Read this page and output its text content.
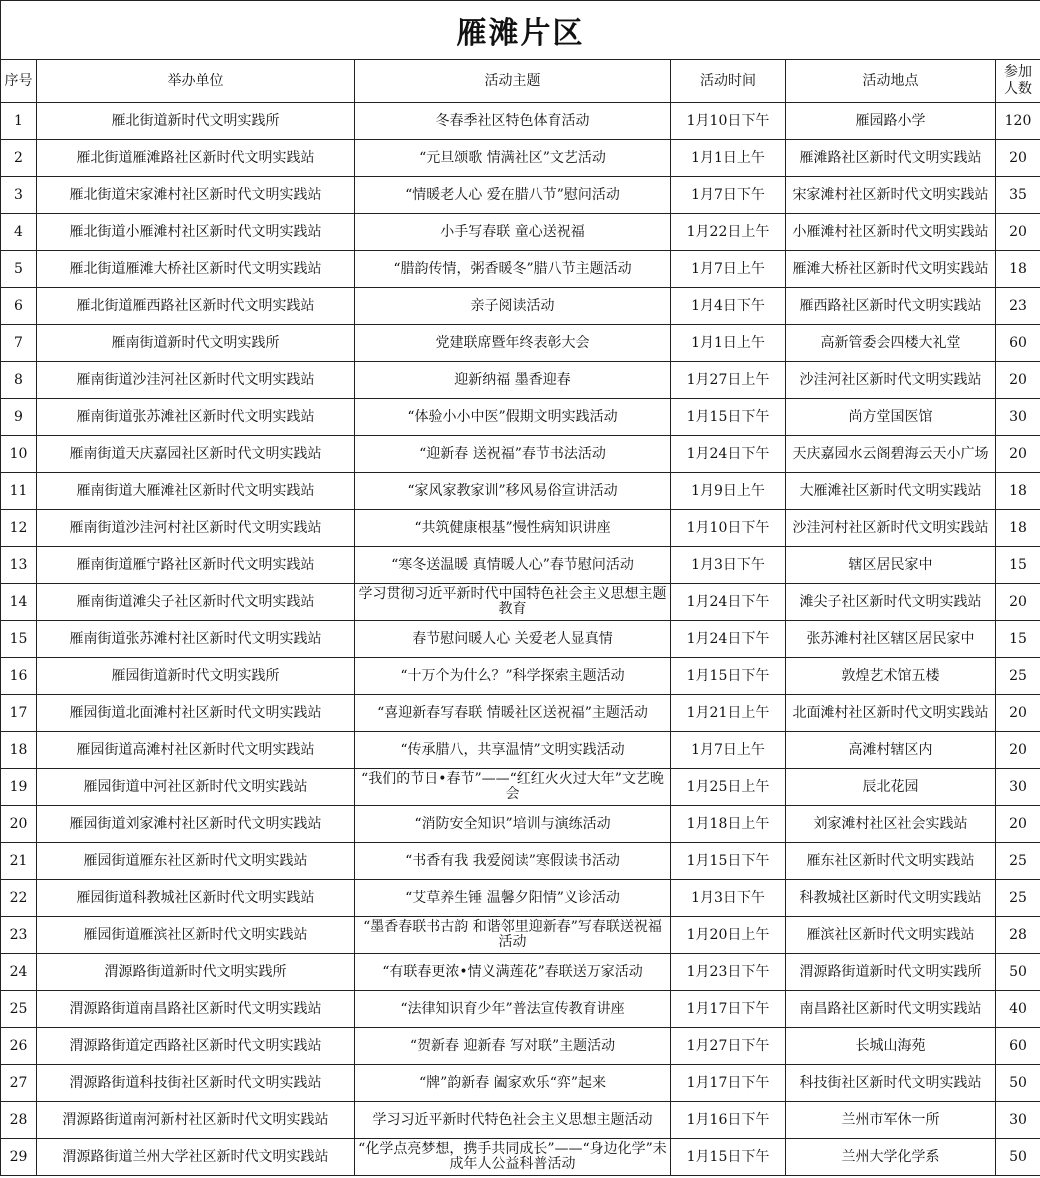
雁滩片区					
序号	举办单位	活动主题	活动时间	活动地点	参加人数
1	雁北街道新时代文明实践所	冬春季社区特色体育活动	1月10日下午	雁园路小学	120
2	雁北街道雁滩路社区新时代文明实践站	“元旦颂歌 情满社区”文艺活动	1月1日上午	雁滩路社区新时代文明实践站	20
3	雁北街道宋家滩村社区新时代文明实践站	“情暖老人心 爱在腊八节”慰问活动	1月7日下午	宋家滩村社区新时代文明实践站	35
4	雁北街道小雁滩村社区新时代文明实践站	小手写春联 童心送祝福	1月22日上午	小雁滩村社区新时代文明实践站	20
5	雁北街道雁滩大桥社区新时代文明实践站	“腊韵传情，粥香暖冬”腊八节主题活动	1月7日上午	雁滩大桥社区新时代文明实践站	18
6	雁北街道雁西路社区新时代文明实践站	亲子阅读活动	1月4日下午	雁西路社区新时代文明实践站	23
7	雁南街道新时代文明实践所	党建联席暨年终表彰大会	1月1日上午	高新管委会四楼大礼堂	60
8	雁南街道沙洼河社区新时代文明实践站	迎新纳福 墨香迎春	1月27日上午	沙洼河社区新时代文明实践站	20
9	雁南街道张苏滩社区新时代文明实践站	“体验小小中医”假期文明实践活动	1月15日下午	尚方堂国医馆	30
10	雁南街道天庆嘉园社区新时代文明实践站	“迎新春 送祝福”春节书法活动	1月24日下午	天庆嘉园水云阁碧海云天小广场	20
11	雁南街道大雁滩社区新时代文明实践站	“家风家教家训”移风易俗宣讲活动	1月9日上午	大雁滩社区新时代文明实践站	18
12	雁南街道沙洼河村社区新时代文明实践站	“共筑健康根基”慢性病知识讲座	1月10日下午	沙洼河村社区新时代文明实践站	18
13	雁南街道雁宁路社区新时代文明实践站	“寒冬送温暖 真情暖人心”春节慰问活动	1月3日下午	辖区居民家中	15
14	雁南街道滩尖子社区新时代文明实践站	学习贯彻习近平新时代中国特色社会主义思想主题教育	1月24日下午	滩尖子社区新时代文明实践站	20
15	雁南街道张苏滩村社区新时代文明实践站	春节慰问暖人心 关爱老人显真情	1月24日下午	张苏滩村社区辖区居民家中	15
16	雁园街道新时代文明实践所	“十万个为什么？”科学探索主题活动	1月15日下午	敦煌艺术馆五楼	25
17	雁园街道北面滩村社区新时代文明实践站	“喜迎新春写春联 情暖社区送祝福”主题活动	1月21日上午	北面滩村社区新时代文明实践站	20
18	雁园街道高滩村社区新时代文明实践站	“传承腊八，共享温情”文明实践活动	1月7日上午	高滩村辖区内	20
19	雁园街道中河社区新时代文明实践站	“我们的节日•春节”——“红红火火过大年”文艺晚会	1月25日上午	辰北花园	30
20	雁园街道刘家滩村社区新时代文明实践站	“消防安全知识”培训与演练活动	1月18日上午	刘家滩村社区社会实践站	20
21	雁园街道雁东社区新时代文明实践站	“书香有我 我爱阅读”寒假读书活动	1月15日下午	雁东社区新时代文明实践站	25
22	雁园街道科教城社区新时代文明实践站	“艾草养生锤 温馨夕阳情”义诊活动	1月3日下午	科教城社区新时代文明实践站	25
23	雁园街道雁滨社区新时代文明实践站	“墨香春联书古韵 和谐邻里迎新春”写春联送祝福活动	1月20日上午	雁滨社区新时代文明实践站	28
24	渭源路街道新时代文明实践所	“有联春更浓•情义满莲花”春联送万家活动	1月23日下午	渭源路街道新时代文明实践所	50
25	渭源路街道南昌路社区新时代文明实践站	“法律知识育少年”普法宣传教育讲座	1月17日下午	南昌路社区新时代文明实践站	40
26	渭源路街道定西路社区新时代文明实践站	“贺新春 迎新春 写对联”主题活动	1月27日下午	长城山海苑	60
27	渭源路街道科技街社区新时代文明实践站	“牌”韵新春 阖家欢乐“弈”起来	1月17日下午	科技街社区新时代文明实践站	50
28	渭源路街道南河新村社区新时代文明实践站	学习习近平新时代特色社会主义思想主题活动	1月16日下午	兰州市军休一所	30
29	渭源路街道兰州大学社区新时代文明实践站	“化学点亮梦想，携手共同成长”——“身边化学”未成年人公益科普活动	1月15日下午	兰州大学化学系	50
